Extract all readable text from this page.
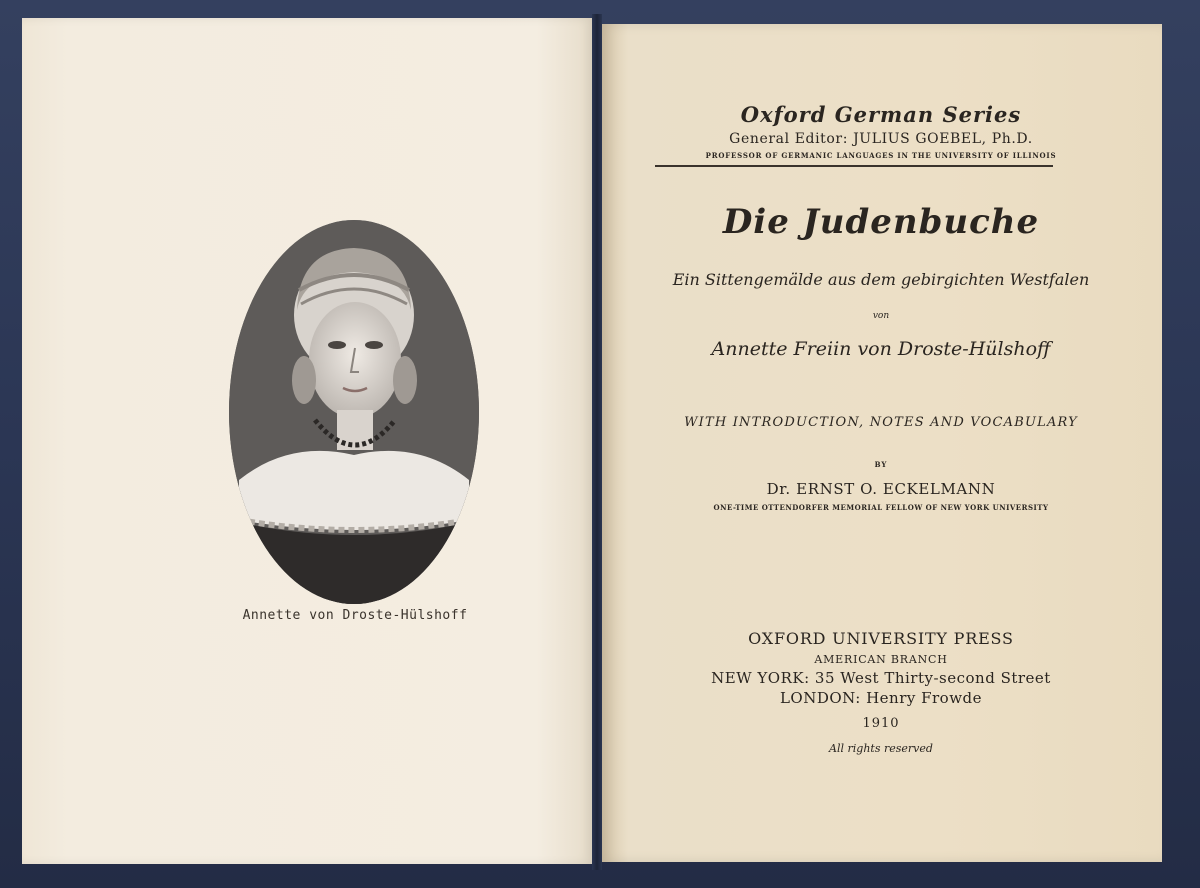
Annette von Droste-Hülshoff
Oxford German Series
General Editor: JULIUS GOEBEL, Ph.D.
PROFESSOR OF GERMANIC LANGUAGES IN THE UNIVERSITY OF ILLINOIS
Die Judenbuche
Ein Sittengemälde aus dem gebirgichten Westfalen
von
Annette Freiin von Droste-Hülshoff
WITH INTRODUCTION, NOTES AND VOCABULARY
BY
Dr. ERNST O. ECKELMANN
ONE-TIME OTTENDORFER MEMORIAL FELLOW OF NEW YORK UNIVERSITY
OXFORD UNIVERSITY PRESS
AMERICAN BRANCH
NEW YORK: 35 West Thirty-second Street
LONDON: Henry Frowde
1910
All rights reserved
